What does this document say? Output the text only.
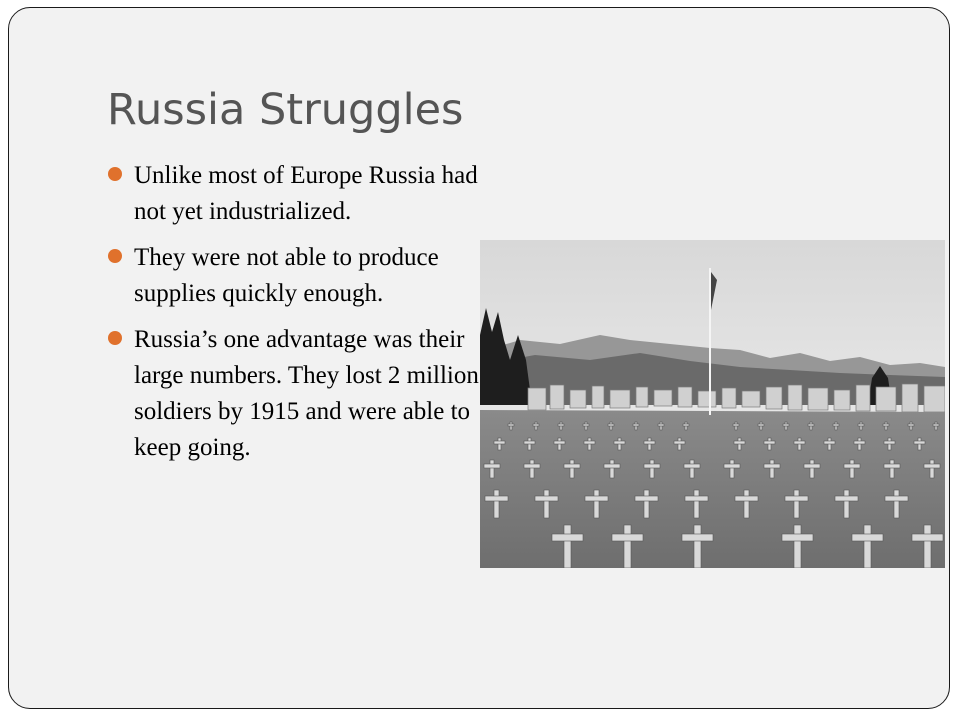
Russia Struggles
Unlike most of Europe Russia had not yet industrialized.
They were not able to produce supplies quickly enough.
Russia’s one advantage was their large numbers. They lost 2 million soldiers by 1915 and were able to keep going.
